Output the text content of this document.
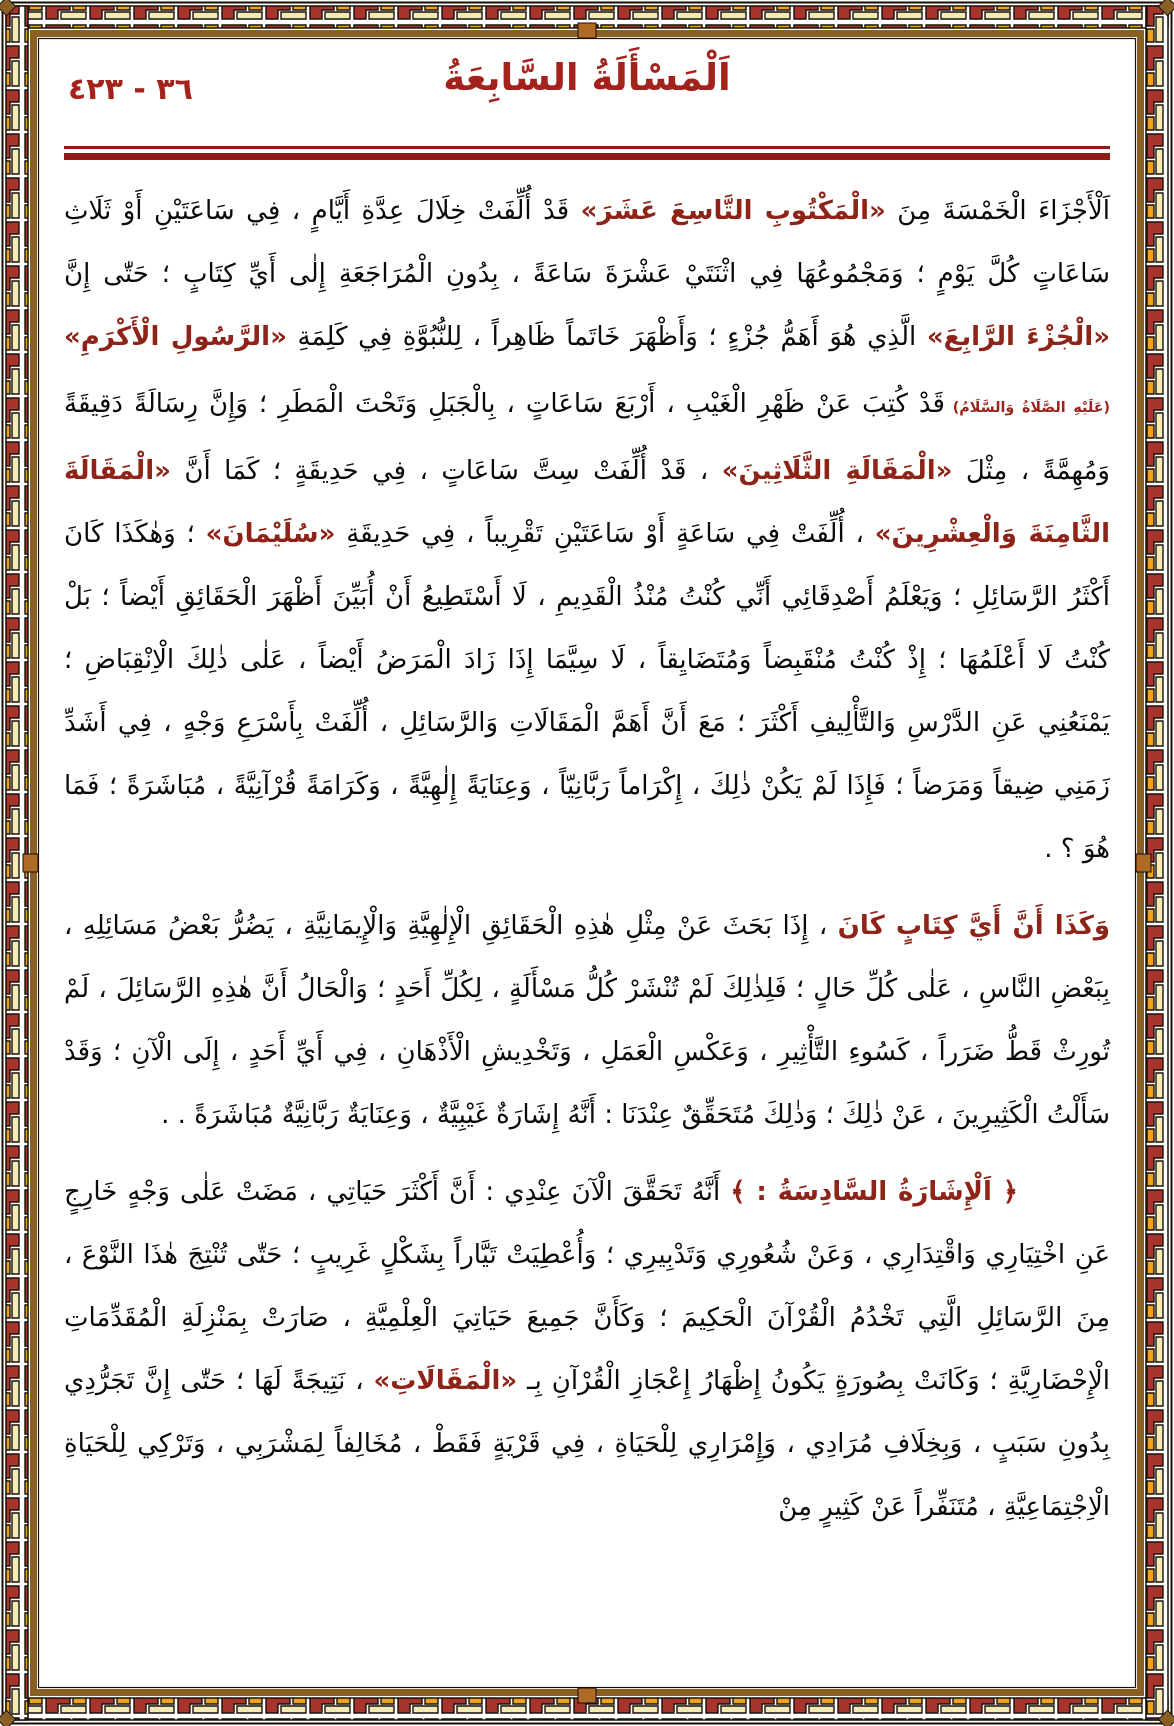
٣٦ - ٤٢٣	اَلْمَسْأَلَةُ السَّابِعَةُ

اَلْأَجْزَاءَ الْخَمْسَةَ مِنَ «الْمَكْتُوبِ التَّاسِعَ عَشَرَ» قَدْ أُلِّفَتْ خِلَالَ عِدَّةِ أَيَّامٍ ، فِي سَاعَتَيْنِ أَوْ ثَلَاثِ سَاعَاتٍ كُلَّ يَوْمٍ ؛ وَمَجْمُوعُهَا فِي اثْنَتَيْ عَشْرَةَ سَاعَةً ، بِدُونِ الْمُرَاجَعَةِ إِلٰى أَيِّ كِتَابٍ ؛ حَتّٰى إِنَّ «الْجُزْءَ الرَّابِعَ» الَّذِي هُوَ أَهَمُّ جُزْءٍ ؛ وَأَظْهَرَ خَاتَماً ظَاهِراً ، لِلنُّبُوَّةِ فِي كَلِمَةِ «الرَّسُولِ الْأَكْرَمِ» (عَلَيْهِ الصَّلَاةُ وَالسَّلَامُ) قَدْ كُتِبَ عَنْ ظَهْرِ الْغَيْبِ ، أَرْبَعَ سَاعَاتٍ ، بِالْجَبَلِ وَتَحْتَ الْمَطَرِ ؛ وَإِنَّ رِسَالَةً دَقِيقَةً وَمُهِمَّةً ، مِثْلَ «الْمَقَالَةِ الثَّلَاثِينَ» ، قَدْ أُلِّفَتْ سِتَّ سَاعَاتٍ ، فِي حَدِيقَةٍ ؛ كَمَا أَنَّ «الْمَقَالَةَ الثَّامِنَةَ وَالْعِشْرِينَ» ، أُلِّفَتْ فِي سَاعَةٍ أَوْ سَاعَتَيْنِ تَقْرِيباً ، فِي حَدِيقَةِ «سُلَيْمَانَ» ؛ وَهٰكَذَا كَانَ أَكْثَرُ الرَّسَائِلِ ؛ وَيَعْلَمُ أَصْدِقَائِي أَنِّي كُنْتُ مُنْذُ الْقَدِيمِ ، لَا أَسْتَطِيعُ أَنْ أُبَيِّنَ أَظْهَرَ الْحَقَائِقِ أَيْضاً ؛ بَلْ كُنْتُ لَا أَعْلَمُهَا ؛ إِذْ كُنْتُ مُنْقَبِضاً وَمُتَضَايِقاً ، لَا سِيَّمَا إِذَا زَادَ الْمَرَضُ أَيْضاً ، عَلٰى ذٰلِكَ الْاِنْقِبَاضِ ؛ يَمْنَعُنِي عَنِ الدَّرْسِ وَالتَّأْلِيفِ أَكْثَرَ ؛ مَعَ أَنَّ أَهَمَّ الْمَقَالَاتِ وَالرَّسَائِلِ ، أُلِّفَتْ بِأَسْرَعِ وَجْهٍ ، فِي أَشَدِّ زَمَنِي ضِيقاً وَمَرَضاً ؛ فَإِذَا لَمْ يَكُنْ ذٰلِكَ ، إِكْرَاماً رَبَّانِيّاً ، وَعِنَايَةً إِلٰهِيَّةً ، وَكَرَامَةً قُرْآنِيَّةً ، مُبَاشَرَةً ؛ فَمَا هُوَ ؟ .

وَكَذَا أَنَّ أَيَّ كِتَابٍ كَانَ ، إِذَا بَحَثَ عَنْ مِثْلِ هٰذِهِ الْحَقَائِقِ الْإِلٰهِيَّةِ وَالْإِيمَانِيَّةِ ، يَضُرُّ بَعْضُ مَسَائِلِهِ ، بِبَعْضِ النَّاسِ ، عَلٰى كُلِّ حَالٍ ؛ فَلِذٰلِكَ لَمْ تُنْشَرْ كُلُّ مَسْأَلَةٍ ، لِكُلِّ أَحَدٍ ؛ وَالْحَالُ أَنَّ هٰذِهِ الرَّسَائِلَ ، لَمْ تُورِثْ قَطُّ ضَرَراً ، كَسُوءِ التَّأْثِيرِ ، وَعَكْسِ الْعَمَلِ ، وَتَخْدِيشِ الْأَذْهَانِ ، فِي أَيِّ أَحَدٍ ، إِلَى الْآنِ ؛ وَقَدْ سَأَلْتُ الْكَثِيرِينَ ، عَنْ ذٰلِكَ ؛ وَذٰلِكَ مُتَحَقِّقٌ عِنْدَنَا : أَنَّهُ إِشَارَةٌ غَيْبِيَّةٌ ، وَعِنَايَةٌ رَبَّانِيَّةٌ مُبَاشَرَةً . .

﴿ اَلْإِشَارَةُ السَّادِسَةُ : ﴾ أَنَّهُ تَحَقَّقَ الْآنَ عِنْدِي : أَنَّ أَكْثَرَ حَيَاتِي ، مَضَتْ عَلٰى وَجْهٍ خَارِجٍ عَنِ اخْتِيَارِي وَاقْتِدَارِي ، وَعَنْ شُعُورِي وَتَدْبِيرِي ؛ وَأُعْطِيَتْ تَيَّاراً بِشَكْلٍ غَرِيبٍ ؛ حَتّٰى تُنْتِجَ هٰذَا النَّوْعَ ، مِنَ الرَّسَائِلِ الَّتِي تَخْدُمُ الْقُرْآنَ الْحَكِيمَ ؛ وَكَأَنَّ جَمِيعَ حَيَاتِيَ الْعِلْمِيَّةِ ، صَارَتْ بِمَنْزِلَةِ الْمُقَدِّمَاتِ الْإِحْضَارِيَّةِ ؛ وَكَانَتْ بِصُورَةٍ يَكُونُ إِظْهَارُ إِعْجَازِ الْقُرْآنِ بِـ «الْمَقَالَاتِ» ، نَتِيجَةً لَهَا ؛ حَتّٰى إِنَّ تَجَرُّدِي بِدُونِ سَبَبٍ ، وَبِخِلَافِ مُرَادِي ، وَإِمْرَارِي لِلْحَيَاةِ ، فِي قَرْيَةٍ فَقَطْ ، مُخَالِفاً لِمَشْرَبِي ، وَتَرْكِي لِلْحَيَاةِ الْاِجْتِمَاعِيَّةِ ، مُتَنَفِّراً عَنْ كَثِيرٍ مِنْ
